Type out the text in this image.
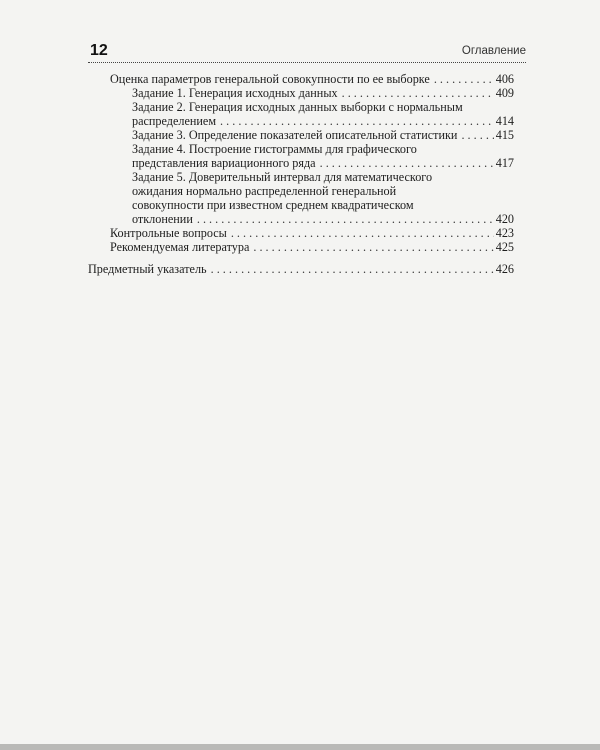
12	Оглавление
Оценка параметров генеральной совокупности по ее выборке . . .	406
Задание 1. Генерация исходных данных . . .	409
Задание 2. Генерация исходных данных выборки с нормальным
распределением . . .	414
Задание 3. Определение показателей описательной статистики . . .	415
Задание 4. Построение гистограммы для графического
представления вариационного ряда . . .	417
Задание 5. Доверительный интервал для математического
ожидания нормально распределенной генеральной
совокупности при известном среднем квадратическом
отклонении . . .	420
Контрольные вопросы . . .	423
Рекомендуемая литература . . .	425
Предметный указатель . . .	426
